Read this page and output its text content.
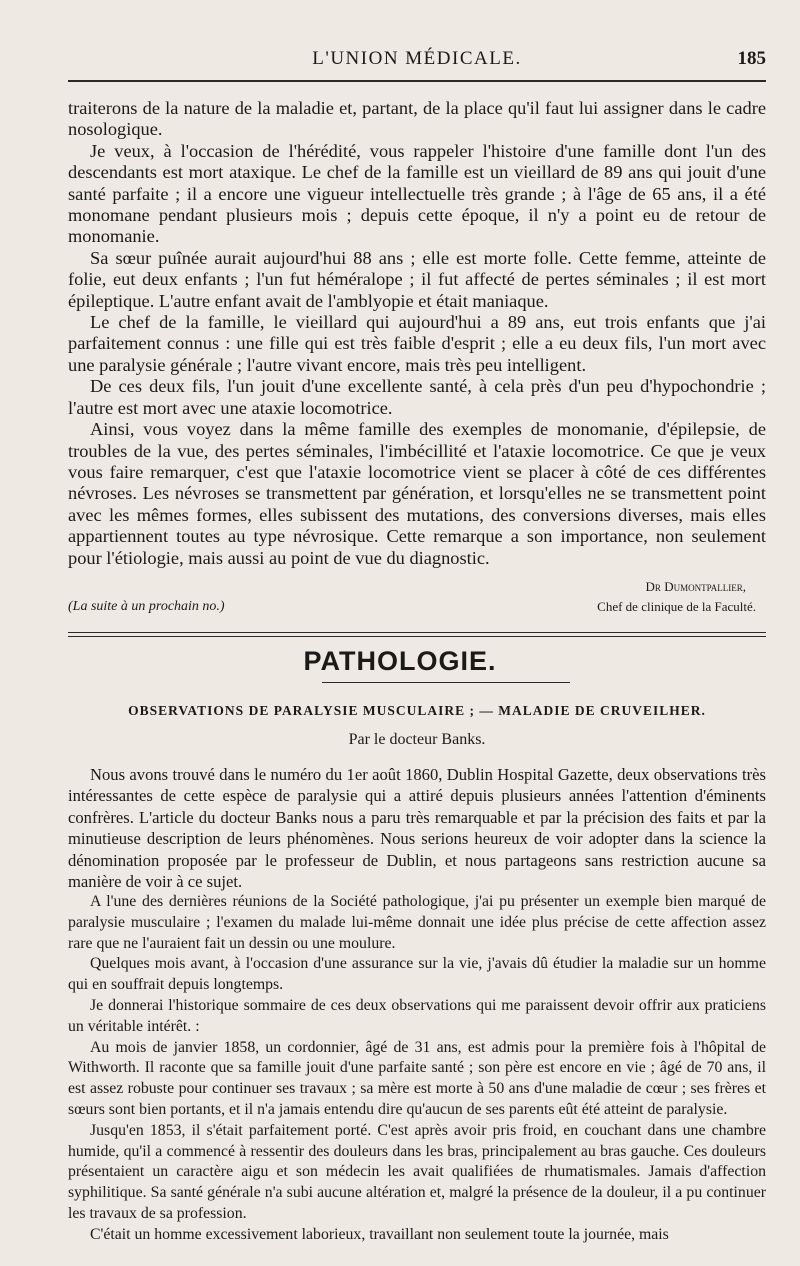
L'UNION MÉDICALE.	185

traiterons de la nature de la maladie et, partant, de la place qu'il faut lui assigner dans le cadre nosologique.

Je veux, à l'occasion de l'hérédité, vous rappeler l'histoire d'une famille dont l'un des descendants est mort ataxique. Le chef de la famille est un vieillard de 89 ans qui jouit d'une santé parfaite ; il a encore une vigueur intellectuelle très grande ; à l'âge de 65 ans, il a été monomane pendant plusieurs mois ; depuis cette époque, il n'y a point eu de retour de monomanie.

Sa sœur puînée aurait aujourd'hui 88 ans ; elle est morte folle. Cette femme, atteinte de folie, eut deux enfants ; l'un fut héméralope ; il fut affecté de pertes séminales ; il est mort épileptique. L'autre enfant avait de l'amblyopie et était maniaque.

Le chef de la famille, le vieillard qui aujourd'hui a 89 ans, eut trois enfants que j'ai parfaitement connus : une fille qui est très faible d'esprit ; elle a eu deux fils, l'un mort avec une paralysie générale ; l'autre vivant encore, mais très peu intelligent.

De ces deux fils, l'un jouit d'une excellente santé, à cela près d'un peu d'hypochondrie ; l'autre est mort avec une ataxie locomotrice.

Ainsi, vous voyez dans la même famille des exemples de monomanie, d'épilepsie, de troubles de la vue, des pertes séminales, l'imbécillité et l'ataxie locomotrice. Ce que je veux vous faire remarquer, c'est que l'ataxie locomotrice vient se placer à côté de ces différentes névroses. Les névroses se transmettent par génération, et lorsqu'elles ne se transmettent point avec les mêmes formes, elles subissent des mutations, des conversions diverses, mais elles appartiennent toutes au type névrosique. Cette remarque a son importance, non seulement pour l'étiologie, mais aussi au point de vue du diagnostic.

Dr Dumontpallier,
Chef de clinique de la Faculté.
(La suite à un prochain no.)
PATHOLOGIE.
OBSERVATIONS DE PARALYSIE MUSCULAIRE ; — MALADIE DE CRUVEILHER.
Par le docteur Banks.

Nous avons trouvé dans le numéro du 1er août 1860, Dublin Hospital Gazette, deux observations très intéressantes de cette espèce de paralysie qui a attiré depuis plusieurs années l'attention d'éminents confrères. L'article du docteur Banks nous a paru très remarquable et par la précision des faits et par la minutieuse description de leurs phénomènes. Nous serions heureux de voir adopter dans la science la dénomination proposée par le professeur de Dublin, et nous partageons sans restriction aucune sa manière de voir à ce sujet.

A l'une des dernières réunions de la Société pathologique, j'ai pu présenter un exemple bien marqué de paralysie musculaire ; l'examen du malade lui-même donnait une idée plus précise de cette affection assez rare que ne l'auraient fait un dessin ou une moulure.

Quelques mois avant, à l'occasion d'une assurance sur la vie, j'avais dû étudier la maladie sur un homme qui en souffrait depuis longtemps.

Je donnerai l'historique sommaire de ces deux observations qui me paraissent devoir offrir aux praticiens un véritable intérêt. :

Au mois de janvier 1858, un cordonnier, âgé de 31 ans, est admis pour la première fois à l'hôpital de Withworth. Il raconte que sa famille jouit d'une parfaite santé ; son père est encore en vie ; âgé de 70 ans, il est assez robuste pour continuer ses travaux ; sa mère est morte à 50 ans d'une maladie de cœur ; ses frères et sœurs sont bien portants, et il n'a jamais entendu dire qu'aucun de ses parents eût été atteint de paralysie.

Jusqu'en 1853, il s'était parfaitement porté. C'est après avoir pris froid, en couchant dans une chambre humide, qu'il a commencé à ressentir des douleurs dans les bras, principalement au bras gauche. Ces douleurs présentaient un caractère aigu et son médecin les avait qualifiées de rhumatismales. Jamais d'affection syphilitique. Sa santé générale n'a subi aucune altération et, malgré la présence de la douleur, il a pu continuer les travaux de sa profession.

C'était un homme excessivement laborieux, travaillant non seulement toute la journée, mais
